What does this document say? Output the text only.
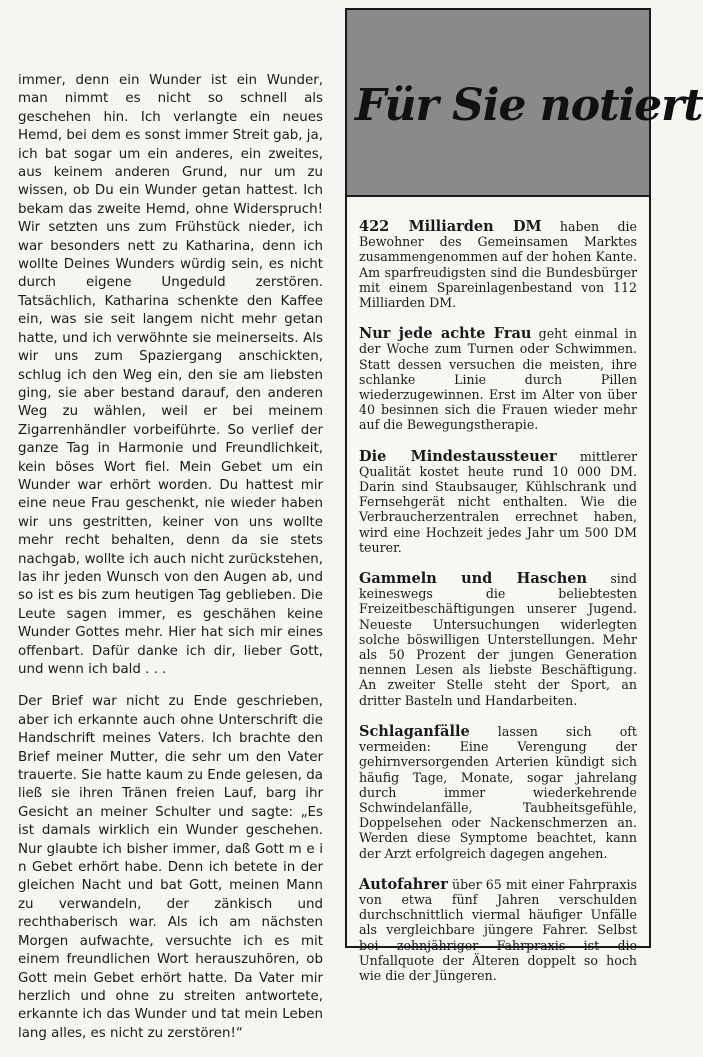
immer, denn ein Wunder ist ein Wunder, man nimmt es nicht so schnell als geschehen hin. Ich verlangte ein neues Hemd, bei dem es sonst immer Streit gab, ja, ich bat sogar um ein anderes, ein zweites, aus keinem anderen Grund, nur um zu wissen, ob Du ein Wunder getan hattest. Ich bekam das zweite Hemd, ohne Widerspruch! Wir setzten uns zum Frühstück nieder, ich war besonders nett zu Katharina, denn ich wollte Deines Wunders würdig sein, es nicht durch eigene Ungeduld zerstören. Tatsächlich, Katharina schenkte den Kaffee ein, was sie seit langem nicht mehr getan hatte, und ich verwöhnte sie meinerseits. Als wir uns zum Spaziergang anschickten, schlug ich den Weg ein, den sie am liebsten ging, sie aber bestand darauf, den anderen Weg zu wählen, weil er bei meinem Zigarrenhändler vorbeiführte. So verlief der ganze Tag in Harmonie und Freundlichkeit, kein böses Wort fiel. Mein Gebet um ein Wunder war erhört worden. Du hattest mir eine neue Frau geschenkt, nie wieder haben wir uns gestritten, keiner von uns wollte mehr recht behalten, denn da sie stets nachgab, wollte ich auch nicht zurückstehen, las ihr jeden Wunsch von den Augen ab, und so ist es bis zum heutigen Tag geblieben. Die Leute sagen immer, es geschähen keine Wunder Gottes mehr. Hier hat sich mir eines offenbart. Dafür danke ich dir, lieber Gott, und wenn ich bald . . .

Der Brief war nicht zu Ende geschrieben, aber ich erkannte auch ohne Unterschrift die Handschrift meines Vaters. Ich brachte den Brief meiner Mutter, die sehr um den Vater trauerte. Sie hatte kaum zu Ende gelesen, da ließ sie ihren Tränen freien Lauf, barg ihr Gesicht an meiner Schulter und sagte: „Es ist damals wirklich ein Wunder geschehen. Nur glaubte ich bisher immer, daß Gott m e i n Gebet erhört habe. Denn ich betete in der gleichen Nacht und bat Gott, meinen Mann zu verwandeln, der zänkisch und rechthaberisch war. Als ich am nächsten Morgen aufwachte, versuchte ich es mit einem freundlichen Wort herauszuhören, ob Gott mein Gebet erhört hatte. Da Vater mir herzlich und ohne zu streiten antwortete, erkannte ich das Wunder und tat mein Leben lang alles, es nicht zu zerstören!“

Für Sie notiert
422 Milliarden DM haben die Bewohner des Gemeinsamen Marktes zusammengenommen auf der hohen Kante. Am sparfreudigsten sind die Bundesbürger mit einem Spareinlagenbestand von 112 Milliarden DM.
Nur jede achte Frau geht einmal in der Woche zum Turnen oder Schwimmen. Statt dessen versuchen die meisten, ihre schlanke Linie durch Pillen wiederzugewinnen. Erst im Alter von über 40 besinnen sich die Frauen wieder mehr auf die Bewegungstherapie.
Die Mindestaussteuer mittlerer Qualität kostet heute rund 10 000 DM. Darin sind Staubsauger, Kühlschrank und Fernsehgerät nicht enthalten. Wie die Verbraucherzentralen errechnet haben, wird eine Hochzeit jedes Jahr um 500 DM teurer.
Gammeln und Haschen sind keineswegs die beliebtesten Freizeitbeschäftigungen unserer Jugend. Neueste Untersuchungen widerlegten solche böswilligen Unterstellungen. Mehr als 50 Prozent der jungen Generation nennen Lesen als liebste Beschäftigung. An zweiter Stelle steht der Sport, an dritter Basteln und Handarbeiten.
Schlaganfälle lassen sich oft vermeiden: Eine Verengung der gehirnversorgenden Arterien kündigt sich häufig Tage, Monate, sogar jahrelang durch immer wiederkehrende Schwindelanfälle, Taubheitsgefühle, Doppelsehen oder Nackenschmerzen an. Werden diese Symptome beachtet, kann der Arzt erfolgreich dagegen angehen.
Autofahrer über 65 mit einer Fahrpraxis von etwa fünf Jahren verschulden durchschnittlich viermal häufiger Unfälle als vergleichbare jüngere Fahrer. Selbst bei zehnjähriger Fahrpraxis ist die Unfallquote der Älteren doppelt so hoch wie die der Jüngeren.
